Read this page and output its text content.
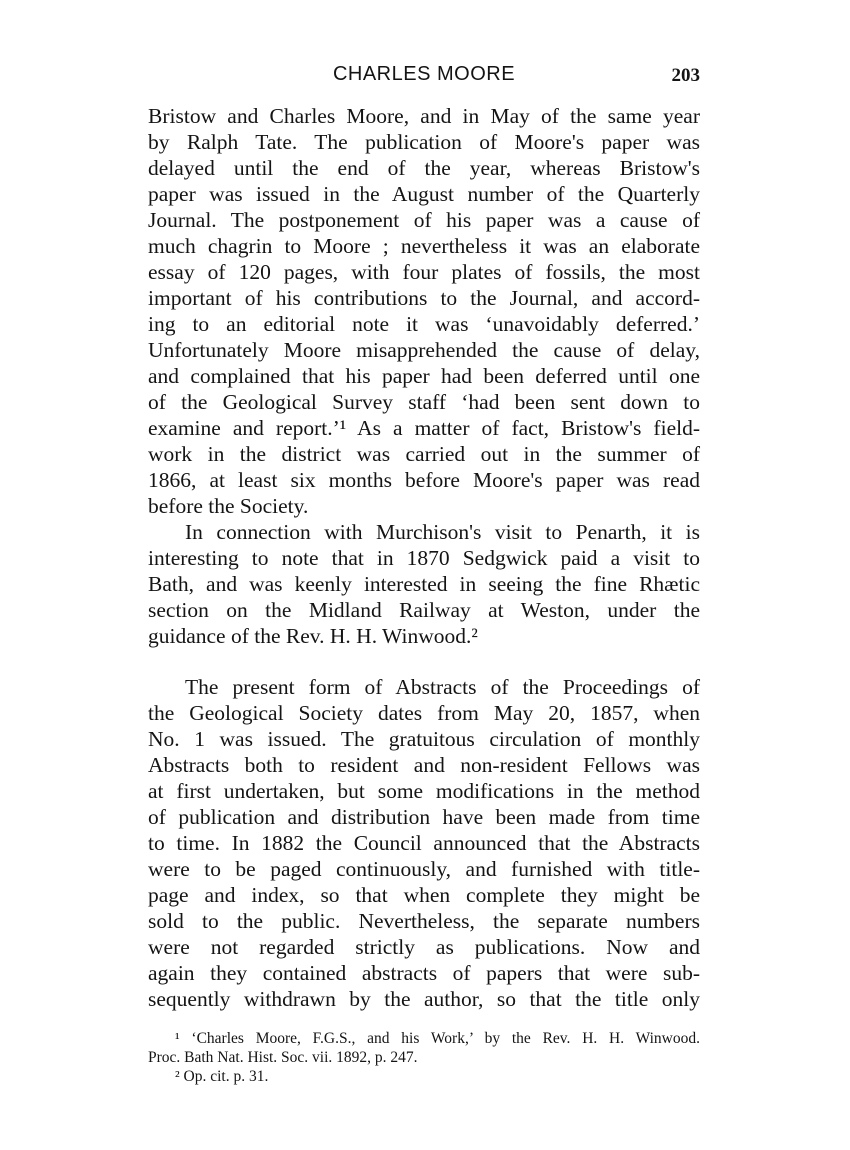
CHARLES MOORE	203
Bristow and Charles Moore, and in May of the same year
by Ralph Tate. The publication of Moore's paper was
delayed until the end of the year, whereas Bristow's
paper was issued in the August number of the Quarterly
Journal. The postponement of his paper was a cause of
much chagrin to Moore ; nevertheless it was an elaborate
essay of 120 pages, with four plates of fossils, the most
important of his contributions to the Journal, and accord-
ing to an editorial note it was ‘unavoidably deferred.’
Unfortunately Moore misapprehended the cause of delay,
and complained that his paper had been deferred until one
of the Geological Survey staff ‘had been sent down to
examine and report.’¹ As a matter of fact, Bristow's field-
work in the district was carried out in the summer of
1866, at least six months before Moore's paper was read
before the Society.
In connection with Murchison's visit to Penarth, it is
interesting to note that in 1870 Sedgwick paid a visit to
Bath, and was keenly interested in seeing the fine Rhætic
section on the Midland Railway at Weston, under the
guidance of the Rev. H. H. Winwood.²
The present form of Abstracts of the Proceedings of
the Geological Society dates from May 20, 1857, when
No. 1 was issued. The gratuitous circulation of monthly
Abstracts both to resident and non-resident Fellows was
at first undertaken, but some modifications in the method
of publication and distribution have been made from time
to time. In 1882 the Council announced that the Abstracts
were to be paged continuously, and furnished with title-
page and index, so that when complete they might be
sold to the public. Nevertheless, the separate numbers
were not regarded strictly as publications. Now and
again they contained abstracts of papers that were sub-
sequently withdrawn by the author, so that the title only
¹ ‘Charles Moore, F.G.S., and his Work,’ by the Rev. H. H. Winwood.
Proc. Bath Nat. Hist. Soc. vii. 1892, p. 247.
² Op. cit. p. 31.
